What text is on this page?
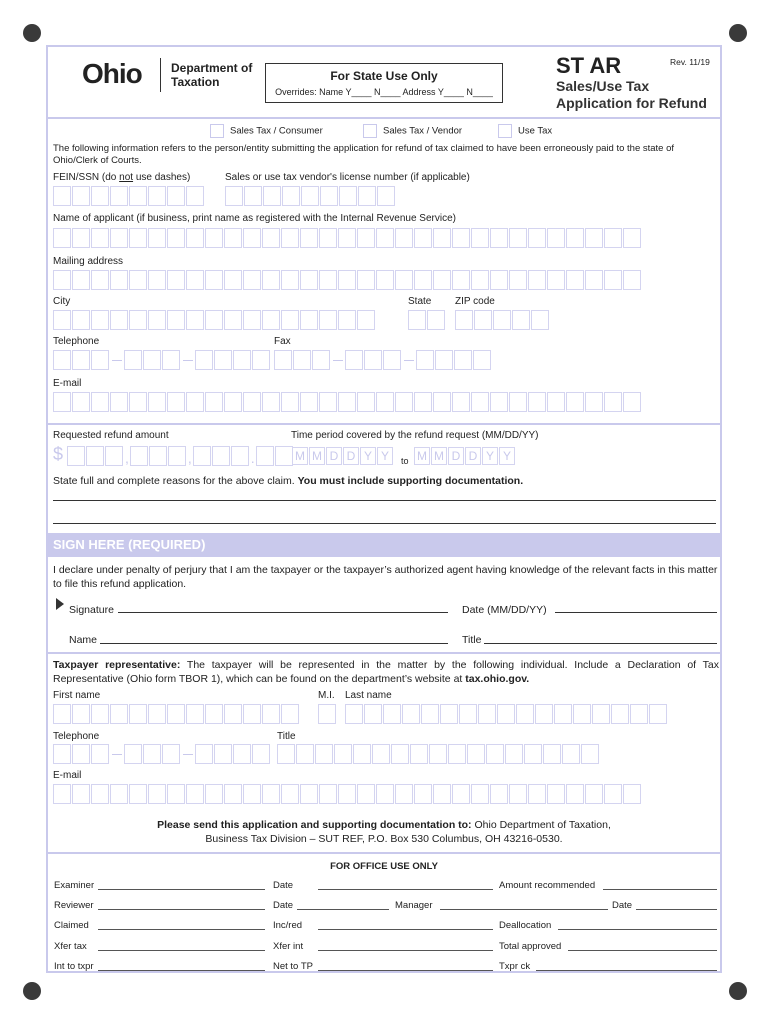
Ohio Department of
Taxation	For State Use Only
Overrides: Name Y____ N____ Address Y____ N____
ST AR	Rev. 11/19
Sales/Use Tax
Application for Refund
Sales Tax / Consumer	Sales Tax / Vendor	Use Tax
The following information refers to the person/entity submitting the application for refund of tax claimed to have been erroneously paid to the state of Ohio/Clerk of Courts.
FEIN/SSN (do not use dashes)	Sales or use tax vendor's license number (if applicable)
Name of applicant (if business, print name as registered with the Internal Revenue Service)
Mailing address
City	State ZIP code
Telephone	Fax
E-mail
Requested refund amount	Time period covered by the refund request (MM/DD/YY)
$	,	,	.	M M D D Y Y	to M M D D Y Y
State full and complete reasons for the above claim. You must include supporting documentation.
SIGN HERE (REQUIRED)
I declare under penalty of perjury that I am the taxpayer or the taxpayer’s authorized agent having knowledge of the relevant facts in this matter to file this refund application.
Signature	Date (MM/DD/YY)
Name	Title
Taxpayer representative: The taxpayer will be represented in the matter by the following individual. Include a Declaration of Tax Representative (Ohio form TBOR 1), which can be found on the department’s website at tax.ohio.gov.
First name	M.I. Last name
Telephone	Title
E-mail
Please send this application and supporting documentation to: Ohio Department of Taxation,
Business Tax Division – SUT REF, P.O. Box 530 Columbus, OH 43216-0530.
FOR OFFICE USE ONLY
Examiner	Date	Amount recommended
Reviewer	Date	Manager	Date
Claimed	Inc/red	Deallocation
Xfer tax	Xfer int	Total approved
Int to txpr	Net to TP	Txpr ck
